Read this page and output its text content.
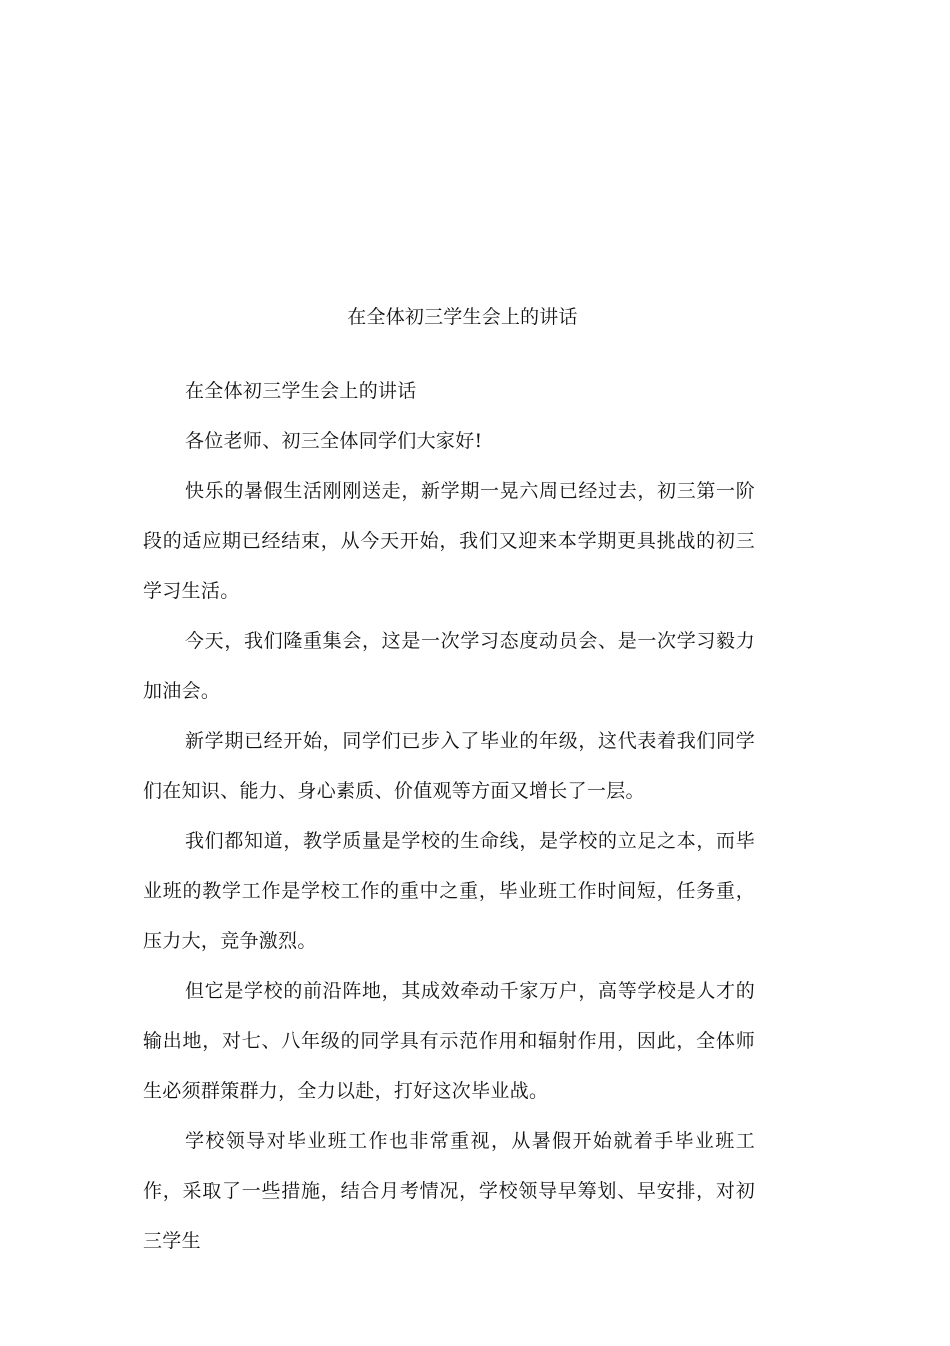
在全体初三学生会上的讲话

在全体初三学生会上的讲话

各位老师、初三全体同学们大家好!

快乐的暑假生活刚刚送走，新学期一晃六周已经过去，初三第一阶段的适应期已经结束，从今天开始，我们又迎来本学期更具挑战的初三学习生活。

今天，我们隆重集会，这是一次学习态度动员会、是一次学习毅力加油会。

新学期已经开始，同学们已步入了毕业的年级，这代表着我们同学们在知识、能力、身心素质、价值观等方面又增长了一层。

我们都知道，教学质量是学校的生命线，是学校的立足之本，而毕业班的教学工作是学校工作的重中之重，毕业班工作时间短，任务重，压力大，竞争激烈。

但它是学校的前沿阵地，其成效牵动千家万户，高等学校是人才的输出地，对七、八年级的同学具有示范作用和辐射作用，因此，全体师生必须群策群力，全力以赴，打好这次毕业战。

学校领导对毕业班工作也非常重视，从暑假开始就着手毕业班工作，采取了一些措施，结合月考情况，学校领导早筹划、早安排，对初三学生
